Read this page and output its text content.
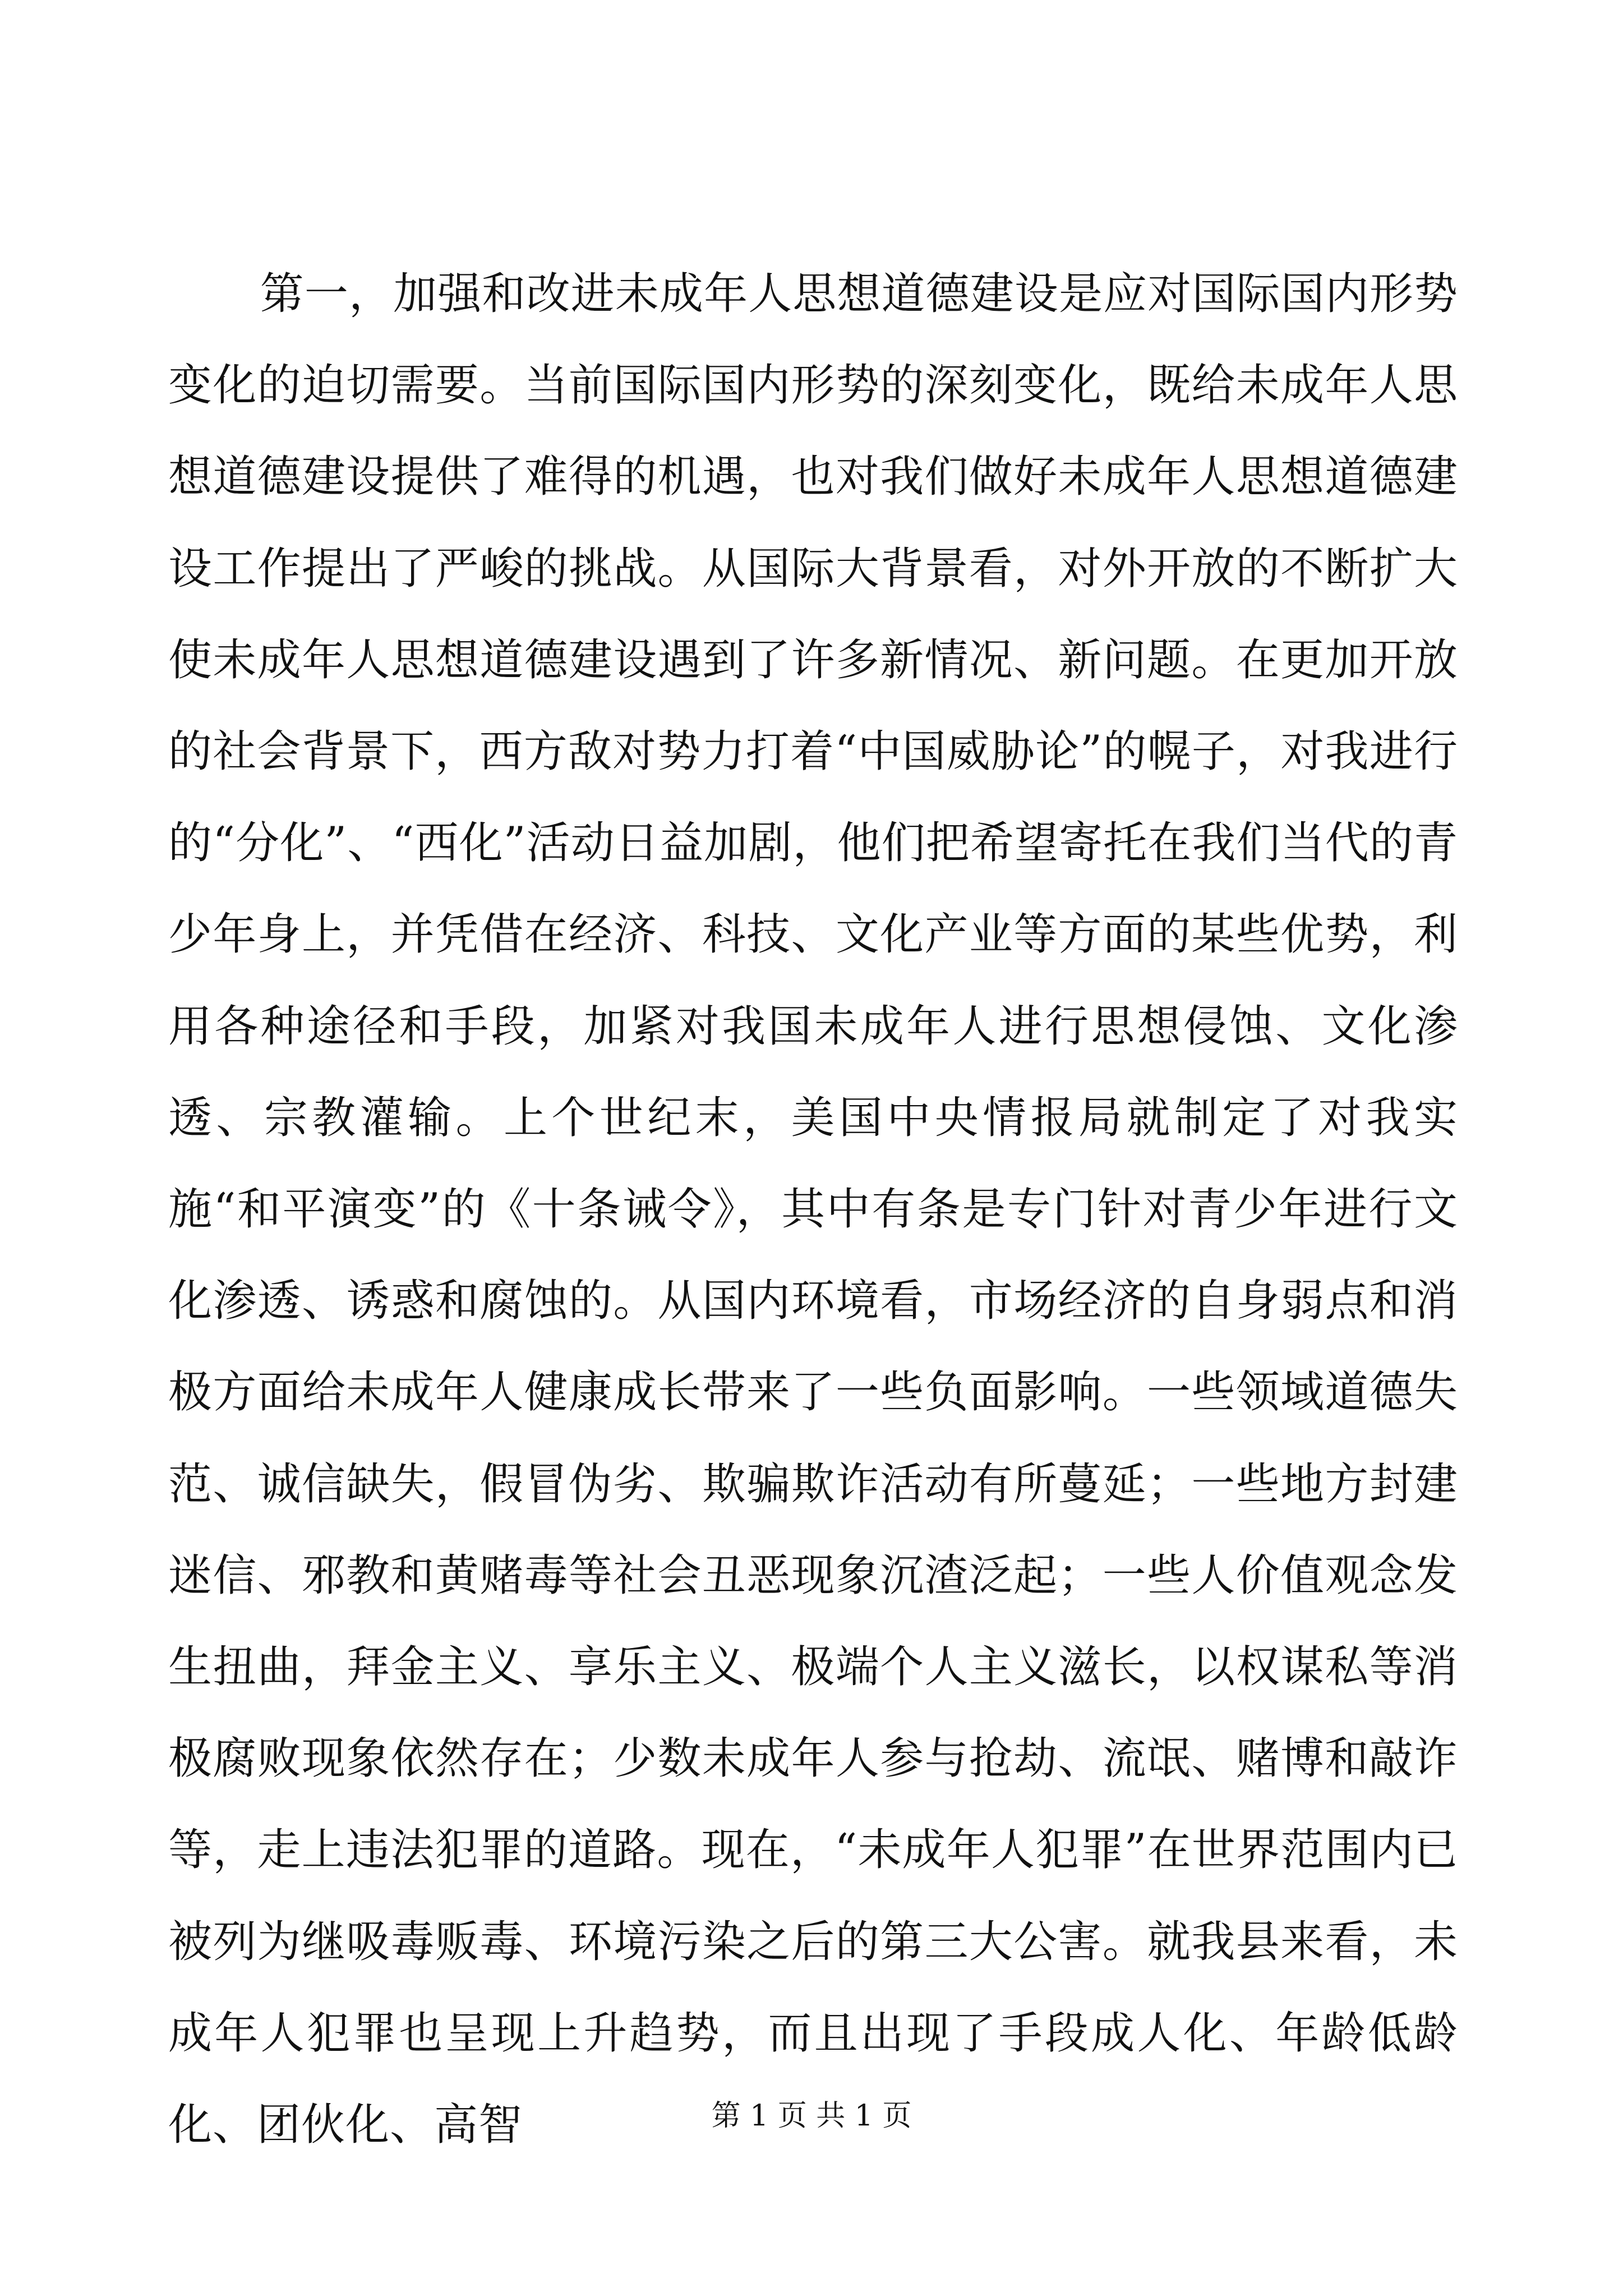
第一，加强和改进未成年人思想道德建设是应对国际国内形势变化的迫切需要。当前国际国内形势的深刻变化，既给未成年人思想道德建设提供了难得的机遇，也对我们做好未成年人思想道德建设工作提出了严峻的挑战。从国际大背景看，对外开放的不断扩大使未成年人思想道德建设遇到了许多新情况、新问题。在更加开放的社会背景下，西方敌对势力打着“中国威胁论”的幌子，对我进行的“分化”、“西化”活动日益加剧，他们把希望寄托在我们当代的青少年身上，并凭借在经济、科技、文化产业等方面的某些优势，利用各种途径和手段，加紧对我国未成年人进行思想侵蚀、文化渗透、宗教灌输。上个世纪末，美国中央情报局就制定了对我实施“和平演变”的《十条诫令》，其中有条是专门针对青少年进行文化渗透、诱惑和腐蚀的。从国内环境看，市场经济的自身弱点和消极方面给未成年人健康成长带来了一些负面影响。一些领域道德失范、诚信缺失，假冒伪劣、欺骗欺诈活动有所蔓延；一些地方封建迷信、邪教和黄赌毒等社会丑恶现象沉渣泛起；一些人价值观念发生扭曲，拜金主义、享乐主义、极端个人主义滋长，以权谋私等消极腐败现象依然存在；少数未成年人参与抢劫、流氓、赌博和敲诈等，走上违法犯罪的道路。现在，“未成年人犯罪”在世界范围内已被列为继吸毒贩毒、环境污染之后的第三大公害。就我县来看，未成年人犯罪也呈现上升趋势，而且出现了手段成人化、年龄低龄化、团伙化、高智	第 1 页 共 1 页
